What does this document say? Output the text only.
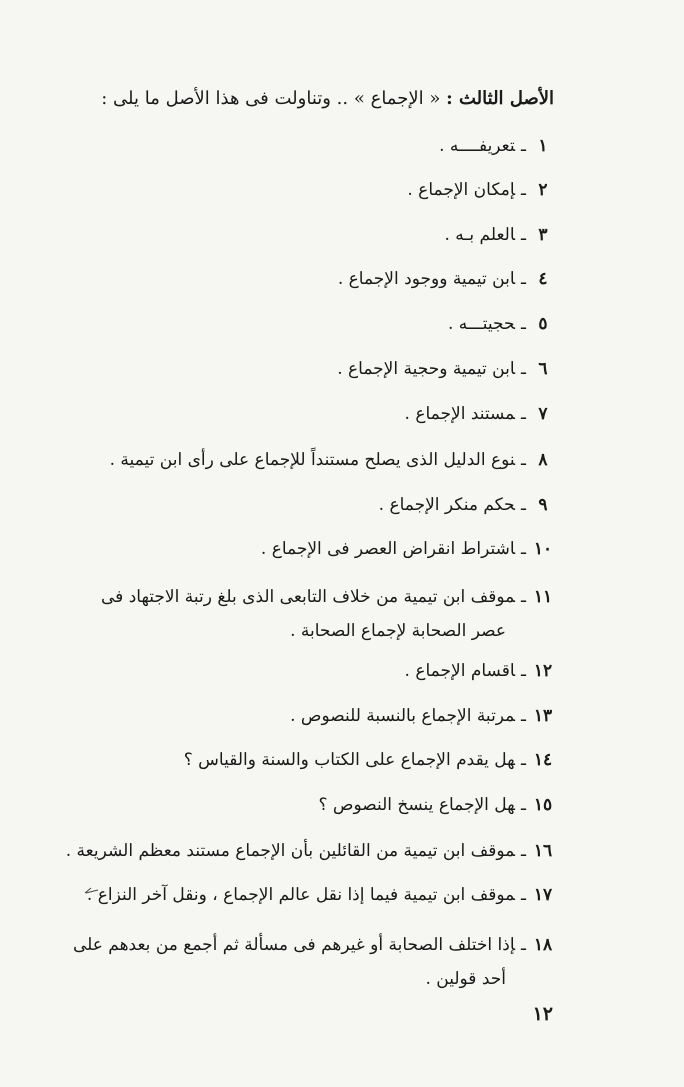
الأصل الثالث : « الإجماع » .. وتناولت فى هذا الأصل ما يلى :
١ـتعريفــــه .
٢ـإمكان الإجماع .
٣ـالعلم بـه .
٤ـابن تيمية ووجود الإجماع .
٥ـحجيتـــه .
٦ـابن تيمية وحجية الإجماع .
٧ـمستند الإجماع .
٨ـنوع الدليل الذى يصلح مستنداً للإجماع على رأى ابن تيمية .
٩ـحكم منكر الإجماع .
١٠ـاشتراط انقراض العصر فى الإجماع .
١١ـموقف ابن تيمية من خلاف التابعى الذى بلغ رتبة الاجتهاد فى
عصر الصحابة لإجماع الصحابة .
١٢ـاقسام الإجماع .
١٣ـمرتبة الإجماع بالنسبة للنصوص .
١٤ـهل يقدم الإجماع على الكتاب والسنة والقياس ؟
١٥ـهل الإجماع ينسخ النصوص ؟
١٦ـموقف ابن تيمية من القائلين بأن الإجماع مستند معظم الشريعة .
١٧ـموقف ابن تيمية فيما إذا نقل عالم الإجماع ، ونقل آخر النزاع .
١٨ـإذا اختلف الصحابة أو غيرهم فى مسألة ثم أجمع من بعدهم على
أحد قولين .
١٢
